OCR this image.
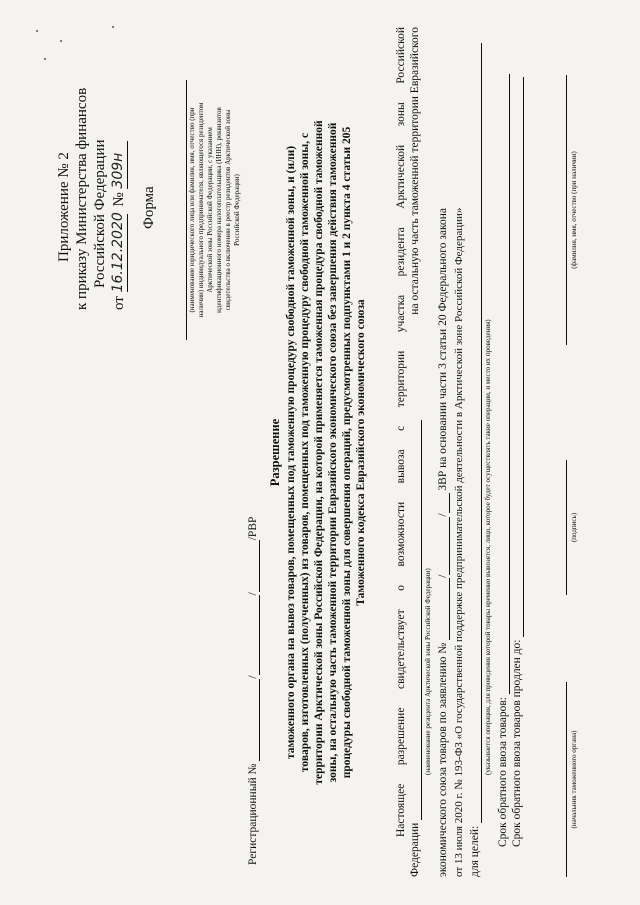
Приложение № 2 к приказу Министерства финансов Российской Федерации
от 16.12.2020 № 309н
Форма	(наименование юридического лица или фамилия, имя, отчество (при наличии) индивидуального предпринимателя, являющегося резидентом Арктической зоны Российской Федерации, с указанием идентификационного номера налогоплательщика (ИНН), реквизитов свидетельства о включении в реестр резидентов Арктической зоны Российской Федерации)
Регистрационный № ///РВР
Разрешение таможенного органа на вывоз товаров, помещенных под таможенную процедуру свободной таможенной зоны, и (или) товаров, изготовленных (полученных) из товаров, помещенных под таможенную процедуру свободной таможенной зоны, с территории Арктической зоны Российской Федерации, на которой применяется таможенная процедура свободной таможенной зоны, на остальную часть таможенной территории Евразийского экономического союза без завершения действия таможенной процедуры свободной таможенной зоны для совершения операций, предусмотренных подпунктами 1 и 2 пункта 4 статьи 205 Таможенного кодекса Евразийского экономического союза Настоящее разрешение свидетельствует о возможности вывоза с территории участка резидента Арктической зоны Российской
Федерации
на остальную часть таможенной территории Евразийского
(наименование резидента Арктической зоны Российской Федерации) экономического союза товаров по заявлению № // ЗВР на основании части 3 статьи 20 Федерального закона от 13 июля 2020 г. № 193-ФЗ «О государственной поддержке предпринимательской деятельности в Арктической зоне Российской Федерации» для целей:
(указывается операция, для проведения которой товары временно вывозятся, лицо, которое будет осуществлять такие операции, и место их проведения) Срок обратного ввоза товаров: Срок обратного ввоза товаров продлен до:	(начальник таможенного органа)
(подпись)
(фамилия, имя, отчество (при наличии)
